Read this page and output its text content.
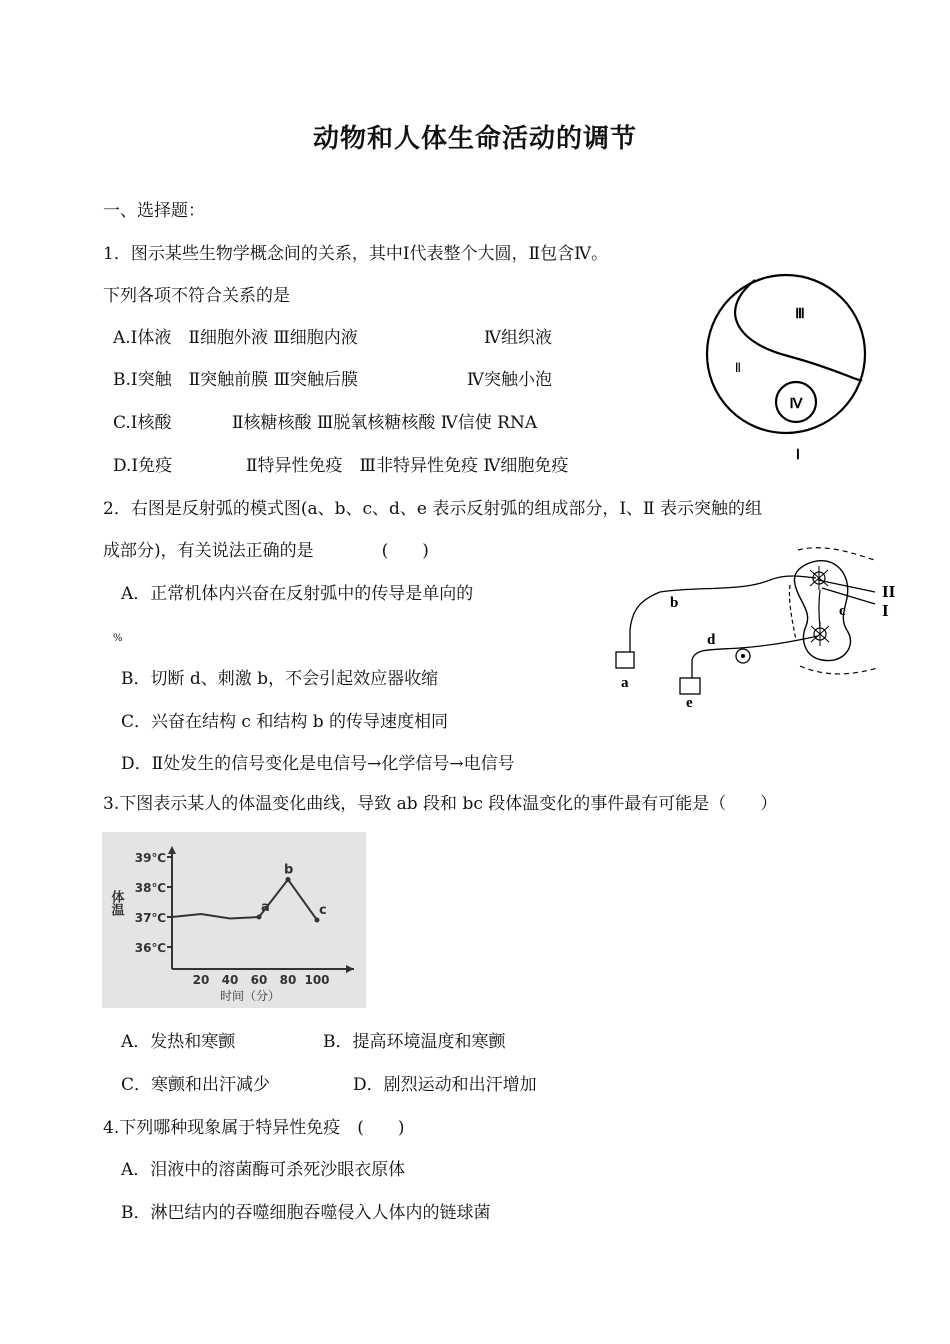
动物和人体生命活动的调节
一、选择题：
1．图示某些生物学概念间的关系，其中Ⅰ代表整个大圆，Ⅱ包含Ⅳ。
下列各项不符合关系的是
A.Ⅰ体液　Ⅱ细胞外液 Ⅲ细胞内液	Ⅳ组织液
B.Ⅰ突触　Ⅱ突触前膜 Ⅲ突触后膜	Ⅳ突触小泡
C.Ⅰ核酸	Ⅱ核糖核酸 Ⅲ脱氧核糖核酸 Ⅳ信使 RNA
D.Ⅰ免疫	Ⅱ特异性免疫　Ⅲ非特异性免疫 Ⅳ细胞免疫
Ⅲ
Ⅱ
Ⅳ
Ⅰ
2．右图是反射弧的模式图(a、b、c、d、e 表示反射弧的组成部分，Ⅰ、Ⅱ 表示突触的组
成部分)，有关说法正确的是　　　　(　　)
A．正常机体内兴奋在反射弧中的传导是单向的
%
B．切断 d、刺激 b，不会引起效应器收缩
C．兴奋在结构 c 和结构 b 的传导速度相同
D．Ⅱ处发生的信号变化是电信号→化学信号→电信号
a
b	c
d
e
II
I
3.下图表示某人的体温变化曲线，导致 ab 段和 bc 段体温变化的事件最有可能是（　　）
体温
时间（分）
39℃
38℃
37℃
36℃
20 40 60 80 100
a
b
c
A．发热和寒颤	B．提高环境温度和寒颤
C．寒颤和出汗减少	D．剧烈运动和出汗增加
4.下列哪种现象属于特异性免疫　(　　)
A．泪液中的溶菌酶可杀死沙眼衣原体
B．淋巴结内的吞噬细胞吞噬侵入人体内的链球菌
